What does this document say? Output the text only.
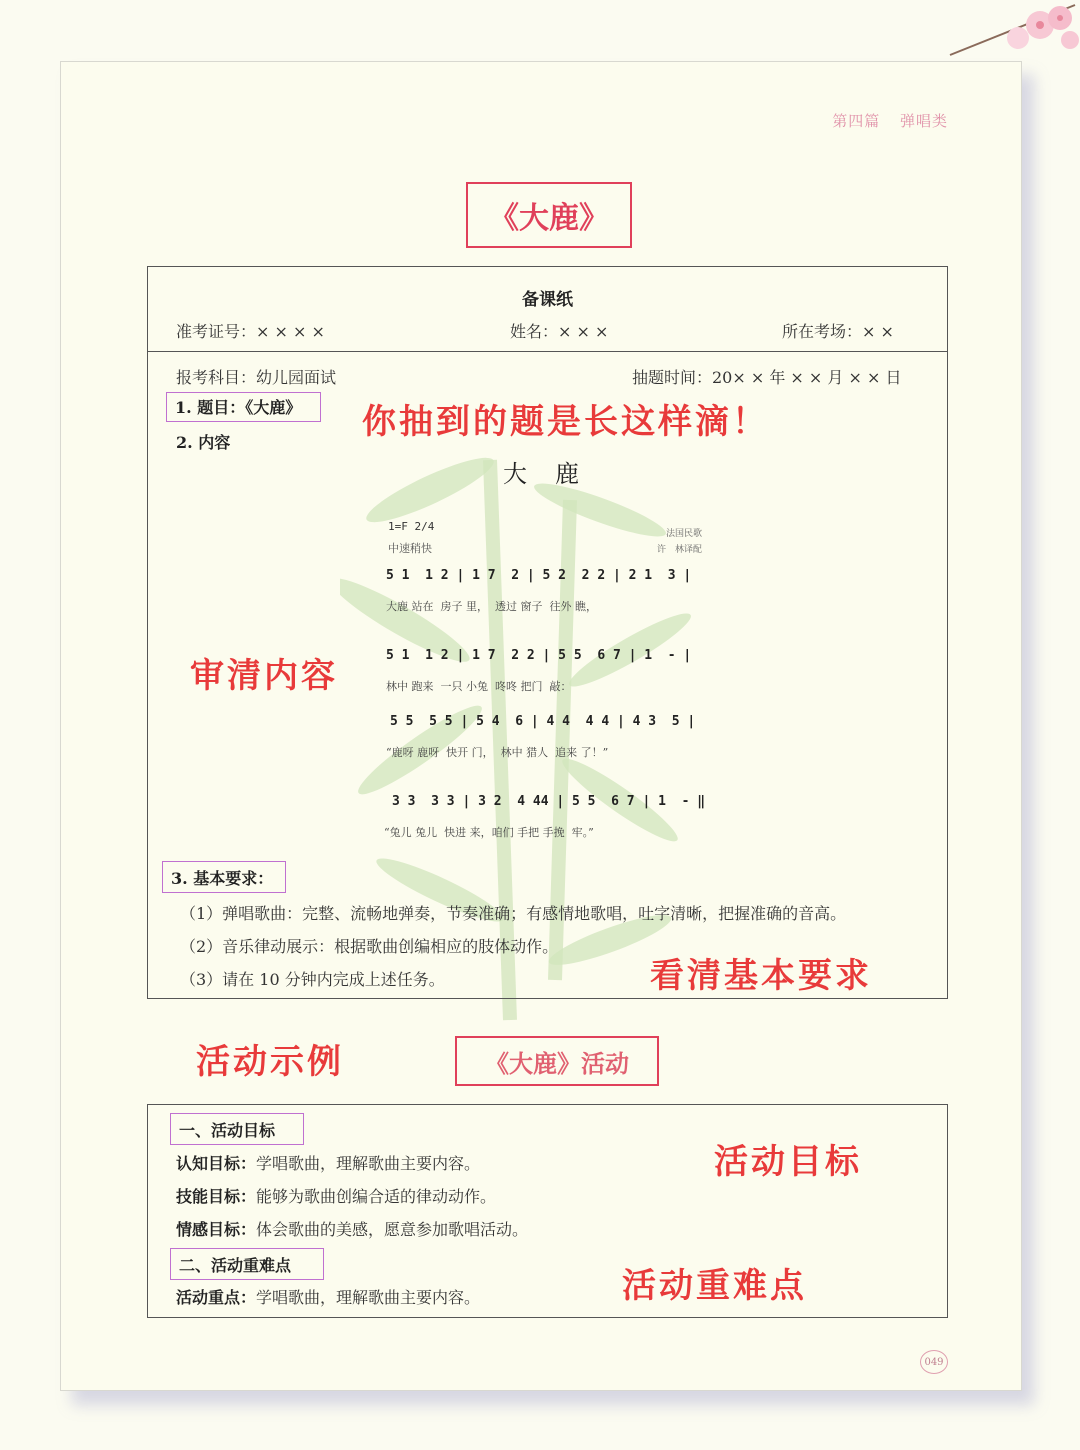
第四篇 弹唱类
《大鹿》
备课纸
准考证号：× × × ×	姓名：× × ×	所在考场：× ×
报考科目：幼儿园面试	抽题时间：20× × 年 × × 月 × × 日
1. 题目：《大鹿》
2. 内容
大鹿
3. 基本要求：
（1）弹唱歌曲：完整、流畅地弹奏，节奏准确；有感情地歌唱，吐字清晰，把握准确的音高。
（2）音乐律动展示：根据歌曲创编相应的肢体动作。
（3）请在 10 分钟内完成上述任务。
1=F 2/4
中速稍快
法国民歌
许　林译配
5 1  1 2 | 1 7  2 | 5 2  2 2 | 2 1  3 |
大鹿 站在  房子 里，  透过 窗子  往外 瞧，
5 1  1 2 | 1 7  2 2 | 5 5  6 7 | 1  - |
林中 跑来  一只 小兔  咚咚 把门  敲：
5 5  5 5 | 5 4  6 | 4 4  4 4 | 4 3  5 |
“鹿呀 鹿呀  快开 门，  林中 猎人  追来 了！”
3 3  3 3 | 3 2  4 44 | 5 5  6 7 | 1  - ‖
“兔儿 兔儿  快进 来，咱们 手把 手挽  牢。”
你抽到的题是长这样滴！
审清内容
看清基本要求
活动示例	《大鹿》活动
一、活动目标
认知目标：学唱歌曲，理解歌曲主要内容。
技能目标：能够为歌曲创编合适的律动动作。
情感目标：体会歌曲的美感，愿意参加歌唱活动。
二、活动重难点
活动重点：学唱歌曲，理解歌曲主要内容。
活动目标
活动重难点
049
